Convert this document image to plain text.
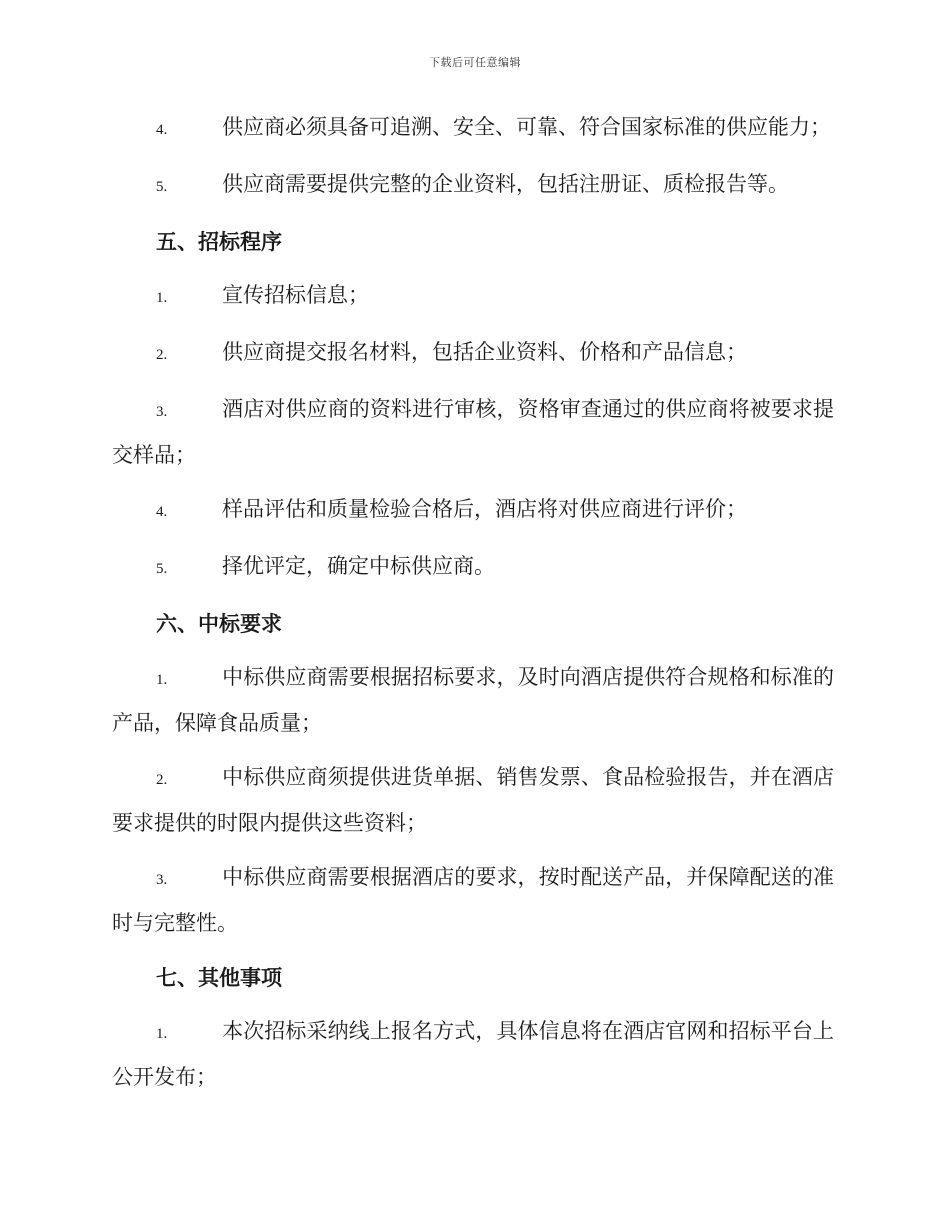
下载后可任意编辑

4.	供应商必须具备可追溯、安全、可靠、符合国家标准的供应能力；

5.	供应商需要提供完整的企业资料，包括注册证、质检报告等。

五、招标程序

1.	宣传招标信息；

2.	供应商提交报名材料，包括企业资料、价格和产品信息；

3.	酒店对供应商的资料进行审核，资格审查通过的供应商将被要求提交样品；

4.	样品评估和质量检验合格后，酒店将对供应商进行评价；

5.	择优评定，确定中标供应商。

六、中标要求

1.	中标供应商需要根据招标要求，及时向酒店提供符合规格和标准的产品，保障食品质量；

2.	中标供应商须提供进货单据、销售发票、食品检验报告，并在酒店要求提供的时限内提供这些资料；

3.	中标供应商需要根据酒店的要求，按时配送产品，并保障配送的准时与完整性。

七、其他事项

1.	本次招标采纳线上报名方式，具体信息将在酒店官网和招标平台上公开发布；
